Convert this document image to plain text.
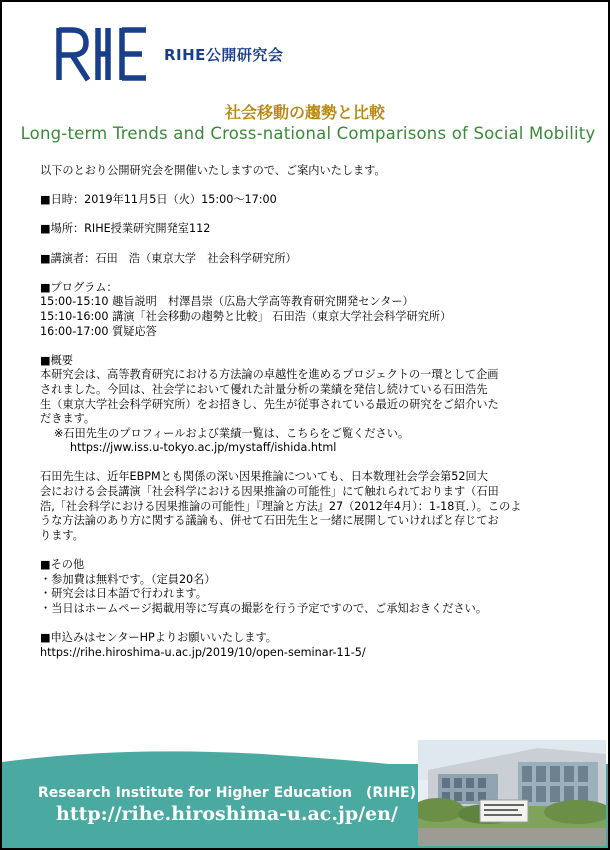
RIHE公開研究会
社会移動の趨勢と比較
Long-term Trends and Cross-national Comparisons of Social Mobility

以下のとおり公開研究会を開催いたしますので、ご案内いたします。

■日時：2019年11月5日（火）15:00～17:00

■場所：RIHE授業研究開発室112

■講演者：石田　浩（東京大学　社会科学研究所）

■プログラム：

15:00-15:10 趣旨説明　村澤昌崇（広島大学高等教育研究開発センター）

15:10-16:00 講演「社会移動の趨勢と比較」 石田浩（東京大学社会科学研究所）

16:00-17:00 質疑応答

■概要

本研究会は、高等教育研究における方法論の卓越性を進めるプロジェクトの一環として企画

されました。今回は、社会学において優れた計量分析の業績を発信し続けている石田浩先

生（東京大学社会科学研究所）をお招きし、先生が従事されている最近の研究をご紹介いた

だきます。

※石田先生のプロフィールおよび業績一覧は、こちらをご覧ください。

https://jww.iss.u-tokyo.ac.jp/mystaff/ishida.html

石田先生は、近年EBPMとも関係の深い因果推論についても、日本数理社会学会第52回大

会における会長講演「社会科学における因果推論の可能性」にて触れられております（石田

浩,「社会科学における因果推論の可能性」『理論と方法』27（2012年4月）：1-18頁．）。このよ

うな方法論のあり方に関する議論も、併せて石田先生と一緒に展開していければと存じてお

ります。

■その他

・参加費は無料です。（定員20名）

・研究会は日本語で行われます。

・当日はホームページ掲載用等に写真の撮影を行う予定ですので、ご承知おきください。

■申込みはセンターHPよりお願いいたします。

https://rihe.hiroshima-u.ac.jp/2019/10/open-seminar-11-5/

Research Institute for Higher Education　(RIHE)
http://rihe.hiroshima-u.ac.jp/en/
